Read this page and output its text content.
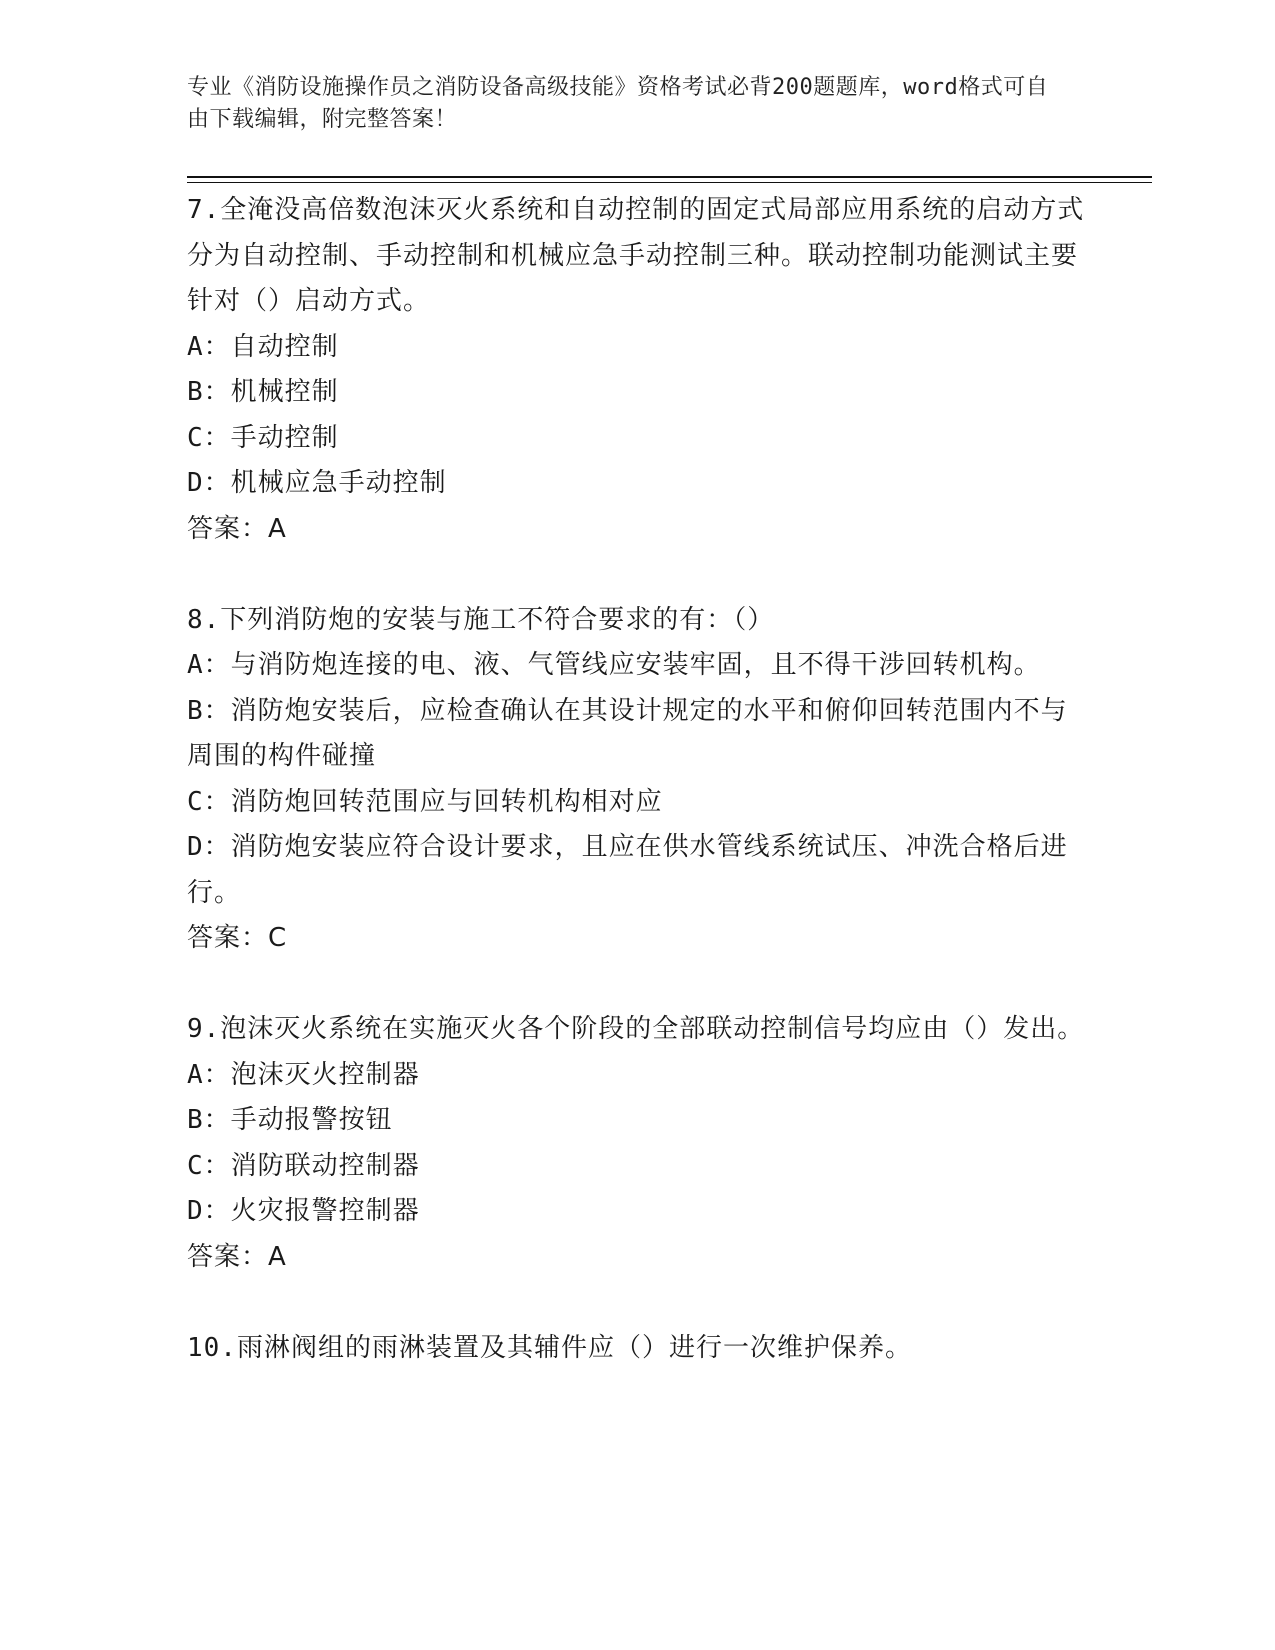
专业《消防设施操作员之消防设备高级技能》资格考试必背200题题库，word格式可自由下载编辑，附完整答案！
7.全淹没高倍数泡沫灭火系统和自动控制的固定式局部应用系统的启动方式分为自动控制、手动控制和机械应急手动控制三种。联动控制功能测试主要针对（）启动方式。
A：自动控制
B：机械控制
C：手动控制
D：机械应急手动控制
答案：A
8.下列消防炮的安装与施工不符合要求的有：（）
A：与消防炮连接的电、液、气管线应安装牢固，且不得干涉回转机构。
B：消防炮安装后，应检查确认在其设计规定的水平和俯仰回转范围内不与周围的构件碰撞
C：消防炮回转范围应与回转机构相对应
D：消防炮安装应符合设计要求，且应在供水管线系统试压、冲洗合格后进行。
答案：C
9.泡沫灭火系统在实施灭火各个阶段的全部联动控制信号均应由（）发出。
A：泡沫灭火控制器
B：手动报警按钮
C：消防联动控制器
D：火灾报警控制器
答案：A
10.雨淋阀组的雨淋装置及其辅件应（）进行一次维护保养。
